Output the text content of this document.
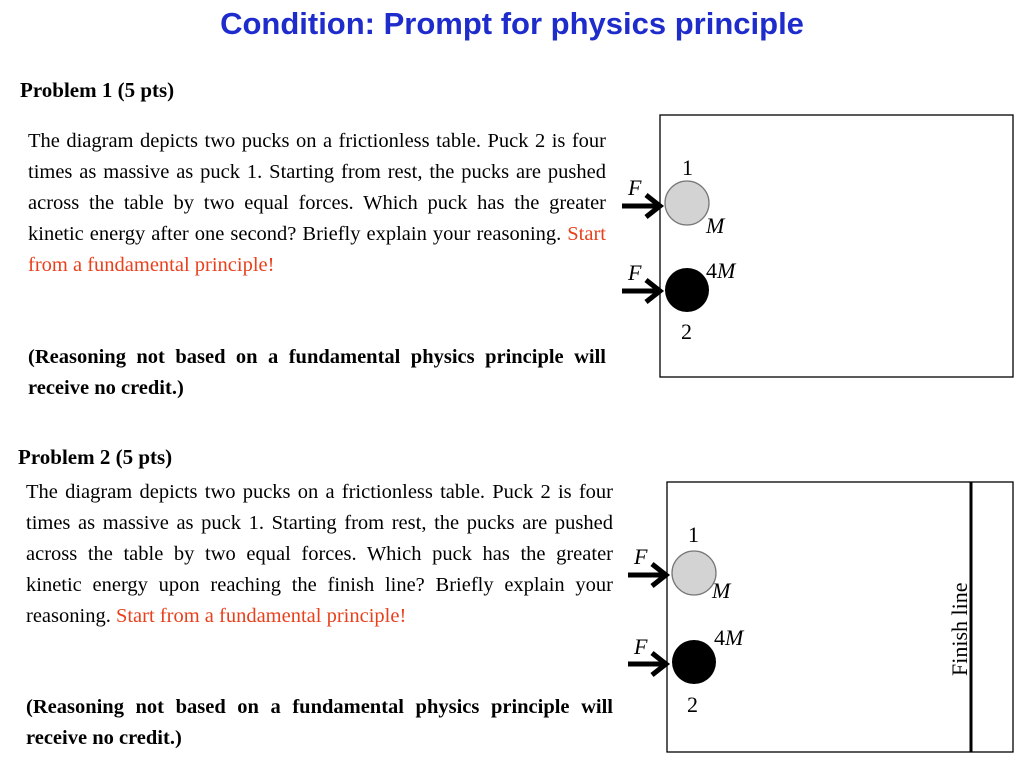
Condition: Prompt for physics principle
Problem 1 (5 pts)

The diagram depicts two pucks on a frictionless table. Puck 2 is four times as massive as puck 1. Starting from rest, the pucks are pushed across the table by two equal forces. Which puck has the greater kinetic energy after one second? Briefly explain your reasoning. Start from a fundamental principle!

(Reasoning not based on a fundamental physics principle will receive no credit.)

1
F
M
F	4M
2
Problem 2 (5 pts)

The diagram depicts two pucks on a frictionless table. Puck 2 is four times as massive as puck 1. Starting from rest, the pucks are pushed across the table by two equal forces. Which puck has the greater kinetic energy upon reaching the finish line? Briefly explain your reasoning. Start from a fundamental principle!

(Reasoning not based on a fundamental physics principle will receive no credit.)

Finish line
1
F
M
F	4M
2
